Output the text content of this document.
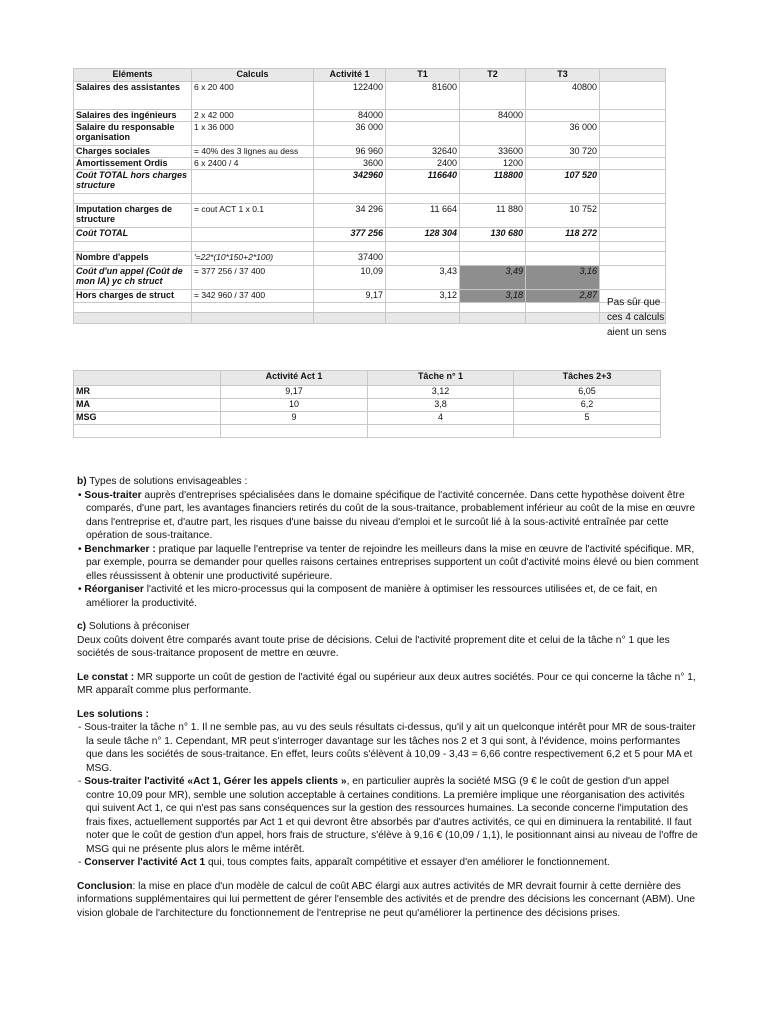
Eléments	Calculs	Activité 1	T1	T2	T3	
Salaires des assistantes	6 x 20 400	122400	81600		40800	
Salaires des ingénieurs	2 x 42 000	84000		84000		
Salaire du responsable organisation	1 x 36 000	36 000			36 000	
Charges sociales	= 40% des 3 lignes au dess	96 960	32640	33600	30 720	
Amortissement Ordis	6 x 2400 / 4	3600	2400	1200		
Coût TOTAL hors charges structure		342960	116640	118800	107 520	

Imputation charges de structure	= cout ACT 1 x 0.1	34 296	11 664	11 880	10 752	
Coût TOTAL		377 256	128 304	130 680	118 272	

Nombre d'appels	'=22*(10*150+2*100)	37400				
Coût d'un appel (Coût de mon IA) yc ch struct	= 377 256 / 37 400	10,09	3,43	3,49	3,16	
Hors charges de struct	= 342 960 / 37 400	9,17	3,12	3,18	2,87	

Pas sûr que ces 4 calculs aient un sens
	Activité Act 1	Tâche n° 1	Tâches 2+3
MR	9,17	3,12	6,05
MA	10	3,8	6,2
MSG	9	4	5

b) Types de solutions envisageables :

• Sous-traiter auprès d'entreprises spécialisées dans le domaine spécifique de l'activité concernée. Dans cette hypothèse doivent être comparés, d'une part, les avantages financiers retirés du coût de la sous-traitance, probablement inférieur au coût de la mise en œuvre dans l'entreprise et, d'autre part, les risques d'une baisse du niveau d'emploi et le surcoût lié à la sous-activité entraînée par cette opération de sous-traitance.
• Benchmarker : pratique par laquelle l'entreprise va tenter de rejoindre les meilleurs dans la mise en œuvre de l'activité spécifique. MR, par exemple, pourra se demander pour quelles raisons certaines entreprises supportent un coût d'activité moins élevé ou bien comment elles réussissent à obtenir une productivité supérieure.
• Réorganiser l'activité et les micro-processus qui la composent de manière à optimiser les ressources utilisées et, de ce fait, en améliorer la productivité.

c) Solutions à préconiser

Deux coûts doivent être comparés avant toute prise de décisions. Celui de l'activité proprement dite et celui de la tâche n° 1 que les sociétés de sous-traitance proposent de mettre en œuvre.

Le constat : MR supporte un coût de gestion de l'activité égal ou supérieur aux deux autres sociétés. Pour ce qui concerne la tâche n° 1, MR apparaît comme plus performante.

Les solutions :

- Sous-traiter la tâche n° 1. Il ne semble pas, au vu des seuls résultats ci-dessus, qu'il y ait un quelconque intérêt pour MR de sous-traiter la seule tâche n° 1. Cependant, MR peut s'interroger davantage sur les tâches nos 2 et 3 qui sont, à l'évidence, moins performantes que dans les sociétés de sous-traitance. En effet, leurs coûts s'élèvent à 10,09 - 3,43 = 6,66 contre respectivement 6,2 et 5 pour MA et MSG.
- Sous-traiter l'activité «Act 1, Gérer les appels clients », en particulier auprès la société MSG (9 € le coût de gestion d'un appel contre 10,09 pour MR), semble une solution acceptable à certaines conditions. La première implique une réorganisation des activités qui suivent Act 1, ce qui n'est pas sans conséquences sur la gestion des ressources humaines. La seconde concerne l'imputation des frais fixes, actuellement supportés par Act 1 et qui devront être absorbés par d'autres activités, ce qui en diminuera la rentabilité. Il faut noter que le coût de gestion d'un appel, hors frais de structure, s'élève à 9,16 € (10,09 / 1,1), le positionnant ainsi au niveau de l'offre de MSG qui ne présente plus alors le même intérêt.
- Conserver l'activité Act 1 qui, tous comptes faits, apparaît compétitive et essayer d'en améliorer le fonctionnement.

Conclusion: la mise en place d'un modèle de calcul de coût ABC élargi aux autres activités de MR devrait fournir à cette dernière des informations supplémentaires qui lui permettent de gérer l'ensemble des activités et de prendre des décisions les concernant (ABM). Une vision globale de l'architecture du fonctionnement de l'entreprise ne peut qu'améliorer la pertinence des décisions prises.
